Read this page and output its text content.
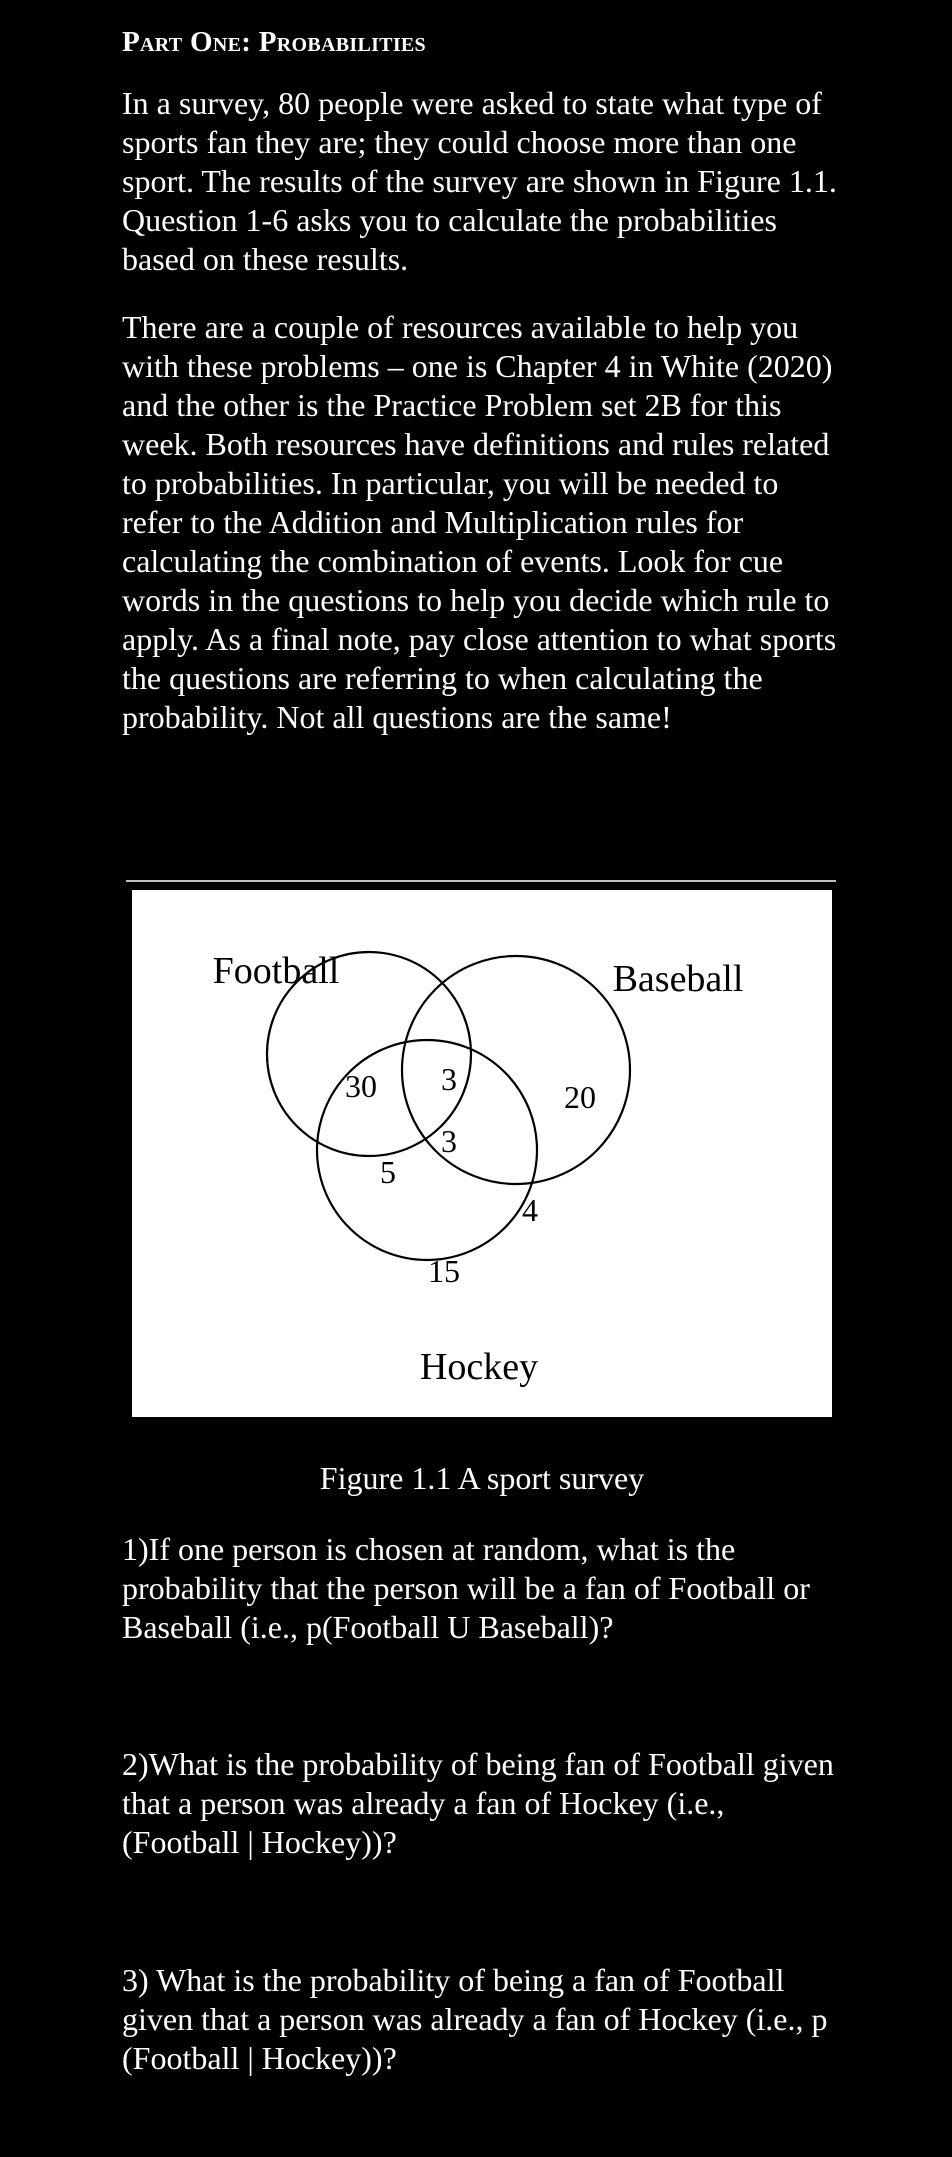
Part One: Probabilities

In a survey, 80 people were asked to state what type of sports fan they are; they could choose more than one sport. The results of the survey are shown in Figure 1.1. Question 1-6 asks you to calculate the probabilities based on these results.

There are a couple of resources available to help you with these problems – one is Chapter 4 in White (2020) and the other is the Practice Problem set 2B for this week. Both resources have definitions and rules related to probabilities. In particular, you will be needed to refer to the Addition and Multiplication rules for calculating the combination of events. Look for cue words in the questions to help you decide which rule to apply. As a final note, pay close attention to what sports the questions are referring to when calculating the probability. Not all questions are the same!

Football	Baseball
Hockey
30 3
3
20
5
4
15
Figure 1.1 A sport survey

1)If one person is chosen at random, what is the probability that the person will be a fan of Football or Baseball (i.e., p(Football U Baseball)?

2)What is the probability of being fan of Football given that a person was already a fan of Hockey (i.e., (Football | Hockey))?

3) What is the probability of being a fan of Football given that a person was already a fan of Hockey (i.e., p (Football | Hockey))?
